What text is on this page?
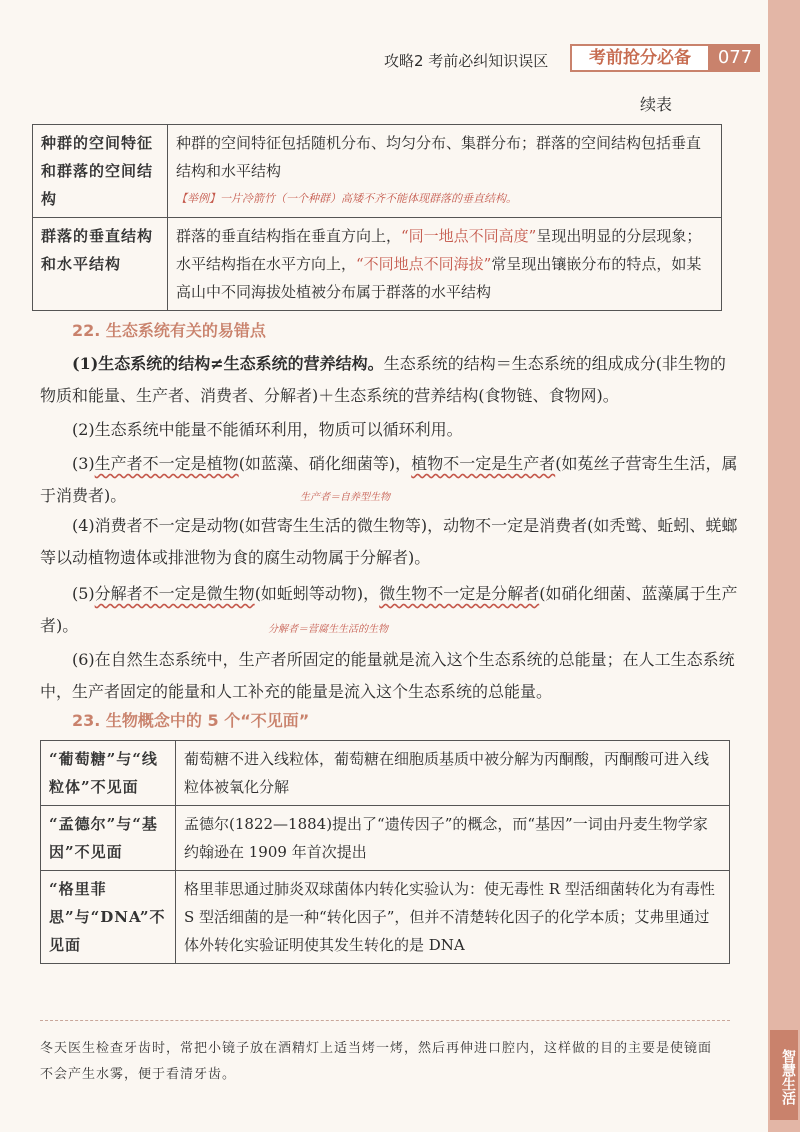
智慧生活
攻略2 考前必纠知识误区	考前抢分必备	077
续表
种群的空间特征和群落的空间结构	种群的空间特征包括随机分布、均匀分布、集群分布；群落的空间结构包括垂直结构和水平结构
【举例】一片冷箭竹（一个种群）高矮不齐不能体现群落的垂直结构。

群落的垂直结构和水平结构	群落的垂直结构指在垂直方向上，“同一地点不同高度”呈现出明显的分层现象；水平结构指在水平方向上，“不同地点不同海拔”常呈现出镶嵌分布的特点，如某高山中不同海拔处植被分布属于群落的水平结构
22. 生态系统有关的易错点
(1)生态系统的结构≠生态系统的营养结构。生态系统的结构＝生态系统的组成成分(非生物的物质和能量、生产者、消费者、分解者)＋生态系统的营养结构(食物链、食物网)。
(2)生态系统中能量不能循环利用，物质可以循环利用。
(3)生产者不一定是植物(如蓝藻、硝化细菌等)，植物不一定是生产者(如菟丝子营寄生生活，属于消费者)。	生产者＝自养型生物
(4)消费者不一定是动物(如营寄生生活的微生物等)，动物不一定是消费者(如秃鹫、蚯蚓、蜣螂等以动植物遗体或排泄物为食的腐生动物属于分解者)。
(5)分解者不一定是微生物(如蚯蚓等动物)，微生物不一定是分解者(如硝化细菌、蓝藻属于生产者)。	分解者＝营腐生生活的生物
(6)在自然生态系统中，生产者所固定的能量就是流入这个生态系统的总能量；在人工生态系统中，生产者固定的能量和人工补充的能量是流入这个生态系统的总能量。
23. 生物概念中的 5 个“不见面”
“葡萄糖”与“线粒体”不见面	葡萄糖不进入线粒体，葡萄糖在细胞质基质中被分解为丙酮酸，丙酮酸可进入线粒体被氧化分解
“孟德尔”与“基因”不见面	孟德尔(1822—1884)提出了“遗传因子”的概念，而“基因”一词由丹麦生物学家约翰逊在 1909 年首次提出
“格里菲思”与“DNA”不见面	格里菲思通过肺炎双球菌体内转化实验认为：使无毒性 R 型活细菌转化为有毒性 S 型活细菌的是一种“转化因子”，但并不清楚转化因子的化学本质；艾弗里通过体外转化实验证明使其发生转化的是 DNA
冬天医生检查牙齿时，常把小镜子放在酒精灯上适当烤一烤，然后再伸进口腔内，这样做的目的主要是使镜面不会产生水雾，便于看清牙齿。
